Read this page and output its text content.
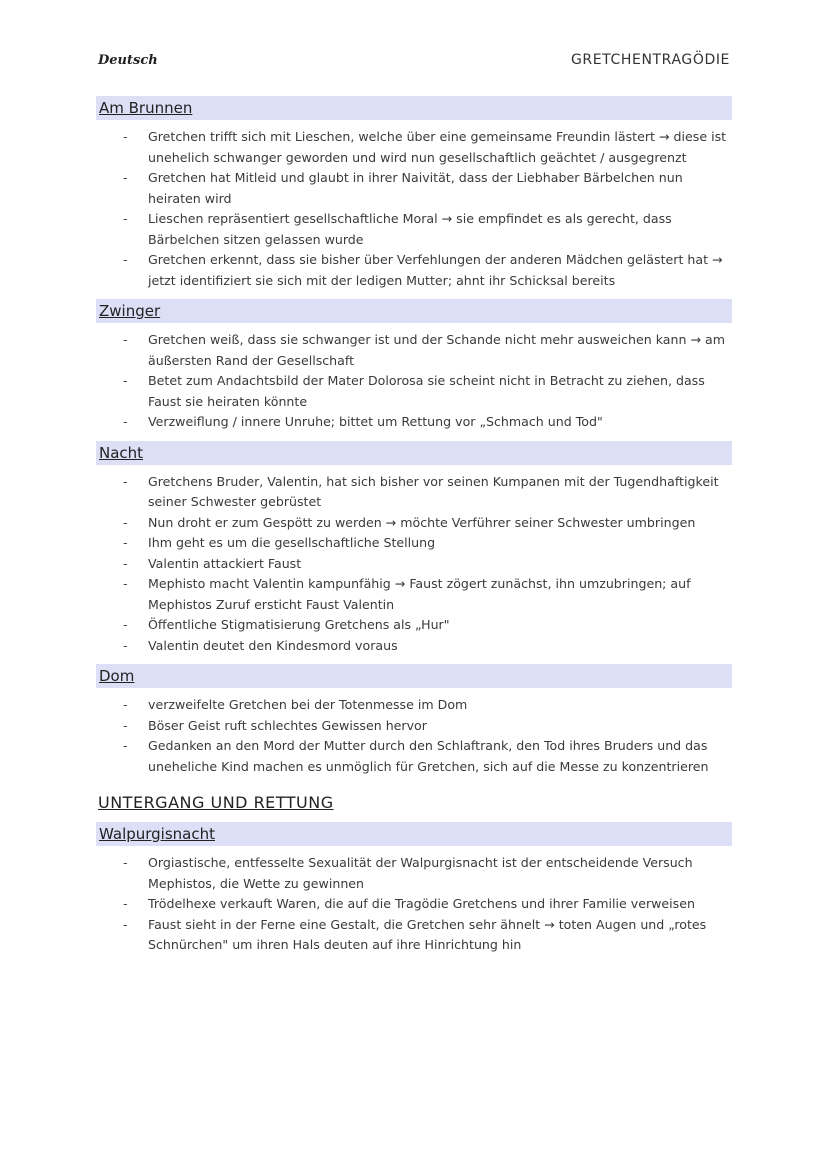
Deutsch	GRETCHENTRAGÖDIE
Am Brunnen
- Gretchen trifft sich mit Lieschen, welche über eine gemeinsame Freundin lästert → diese ist unehelich schwanger geworden und wird nun gesellschaftlich geächtet / ausgegrenzt
- Gretchen hat Mitleid und glaubt in ihrer Naivität, dass der Liebhaber Bärbelchen nun heiraten wird
- Lieschen repräsentiert gesellschaftliche Moral → sie empfindet es als gerecht, dass Bärbelchen sitzen gelassen wurde
- Gretchen erkennt, dass sie bisher über Verfehlungen der anderen Mädchen gelästert hat → jetzt identifiziert sie sich mit der ledigen Mutter; ahnt ihr Schicksal bereits
Zwinger
- Gretchen weiß, dass sie schwanger ist und der Schande nicht mehr ausweichen kann → am äußersten Rand der Gesellschaft
- Betet zum Andachtsbild der Mater Dolorosa sie scheint nicht in Betracht zu ziehen, dass Faust sie heiraten könnte
- Verzweiflung / innere Unruhe; bittet um Rettung vor „Schmach und Tod"
Nacht
- Gretchens Bruder, Valentin, hat sich bisher vor seinen Kumpanen mit der Tugendhaftigkeit seiner Schwester gebrüstet
- Nun droht er zum Gespött zu werden → möchte Verführer seiner Schwester umbringen
- Ihm geht es um die gesellschaftliche Stellung
- Valentin attackiert Faust
- Mephisto macht Valentin kampunfähig → Faust zögert zunächst, ihn umzubringen; auf Mephistos Zuruf ersticht Faust Valentin
- Öffentliche Stigmatisierung Gretchens als „Hur"
- Valentin deutet den Kindesmord voraus
Dom
- verzweifelte Gretchen bei der Totenmesse im Dom
- Böser Geist ruft schlechtes Gewissen hervor
- Gedanken an den Mord der Mutter durch den Schlaftrank, den Tod ihres Bruders und das uneheliche Kind machen es unmöglich für Gretchen, sich auf die Messe zu konzentrieren
UNTERGANG UND RETTUNG
Walpurgisnacht
- Orgiastische, entfesselte Sexualität der Walpurgisnacht ist der entscheidende Versuch Mephistos, die Wette zu gewinnen
- Trödelhexe verkauft Waren, die auf die Tragödie Gretchens und ihrer Familie verweisen
- Faust sieht in der Ferne eine Gestalt, die Gretchen sehr ähnelt → toten Augen und „rotes Schnürchen" um ihren Hals deuten auf ihre Hinrichtung hin
